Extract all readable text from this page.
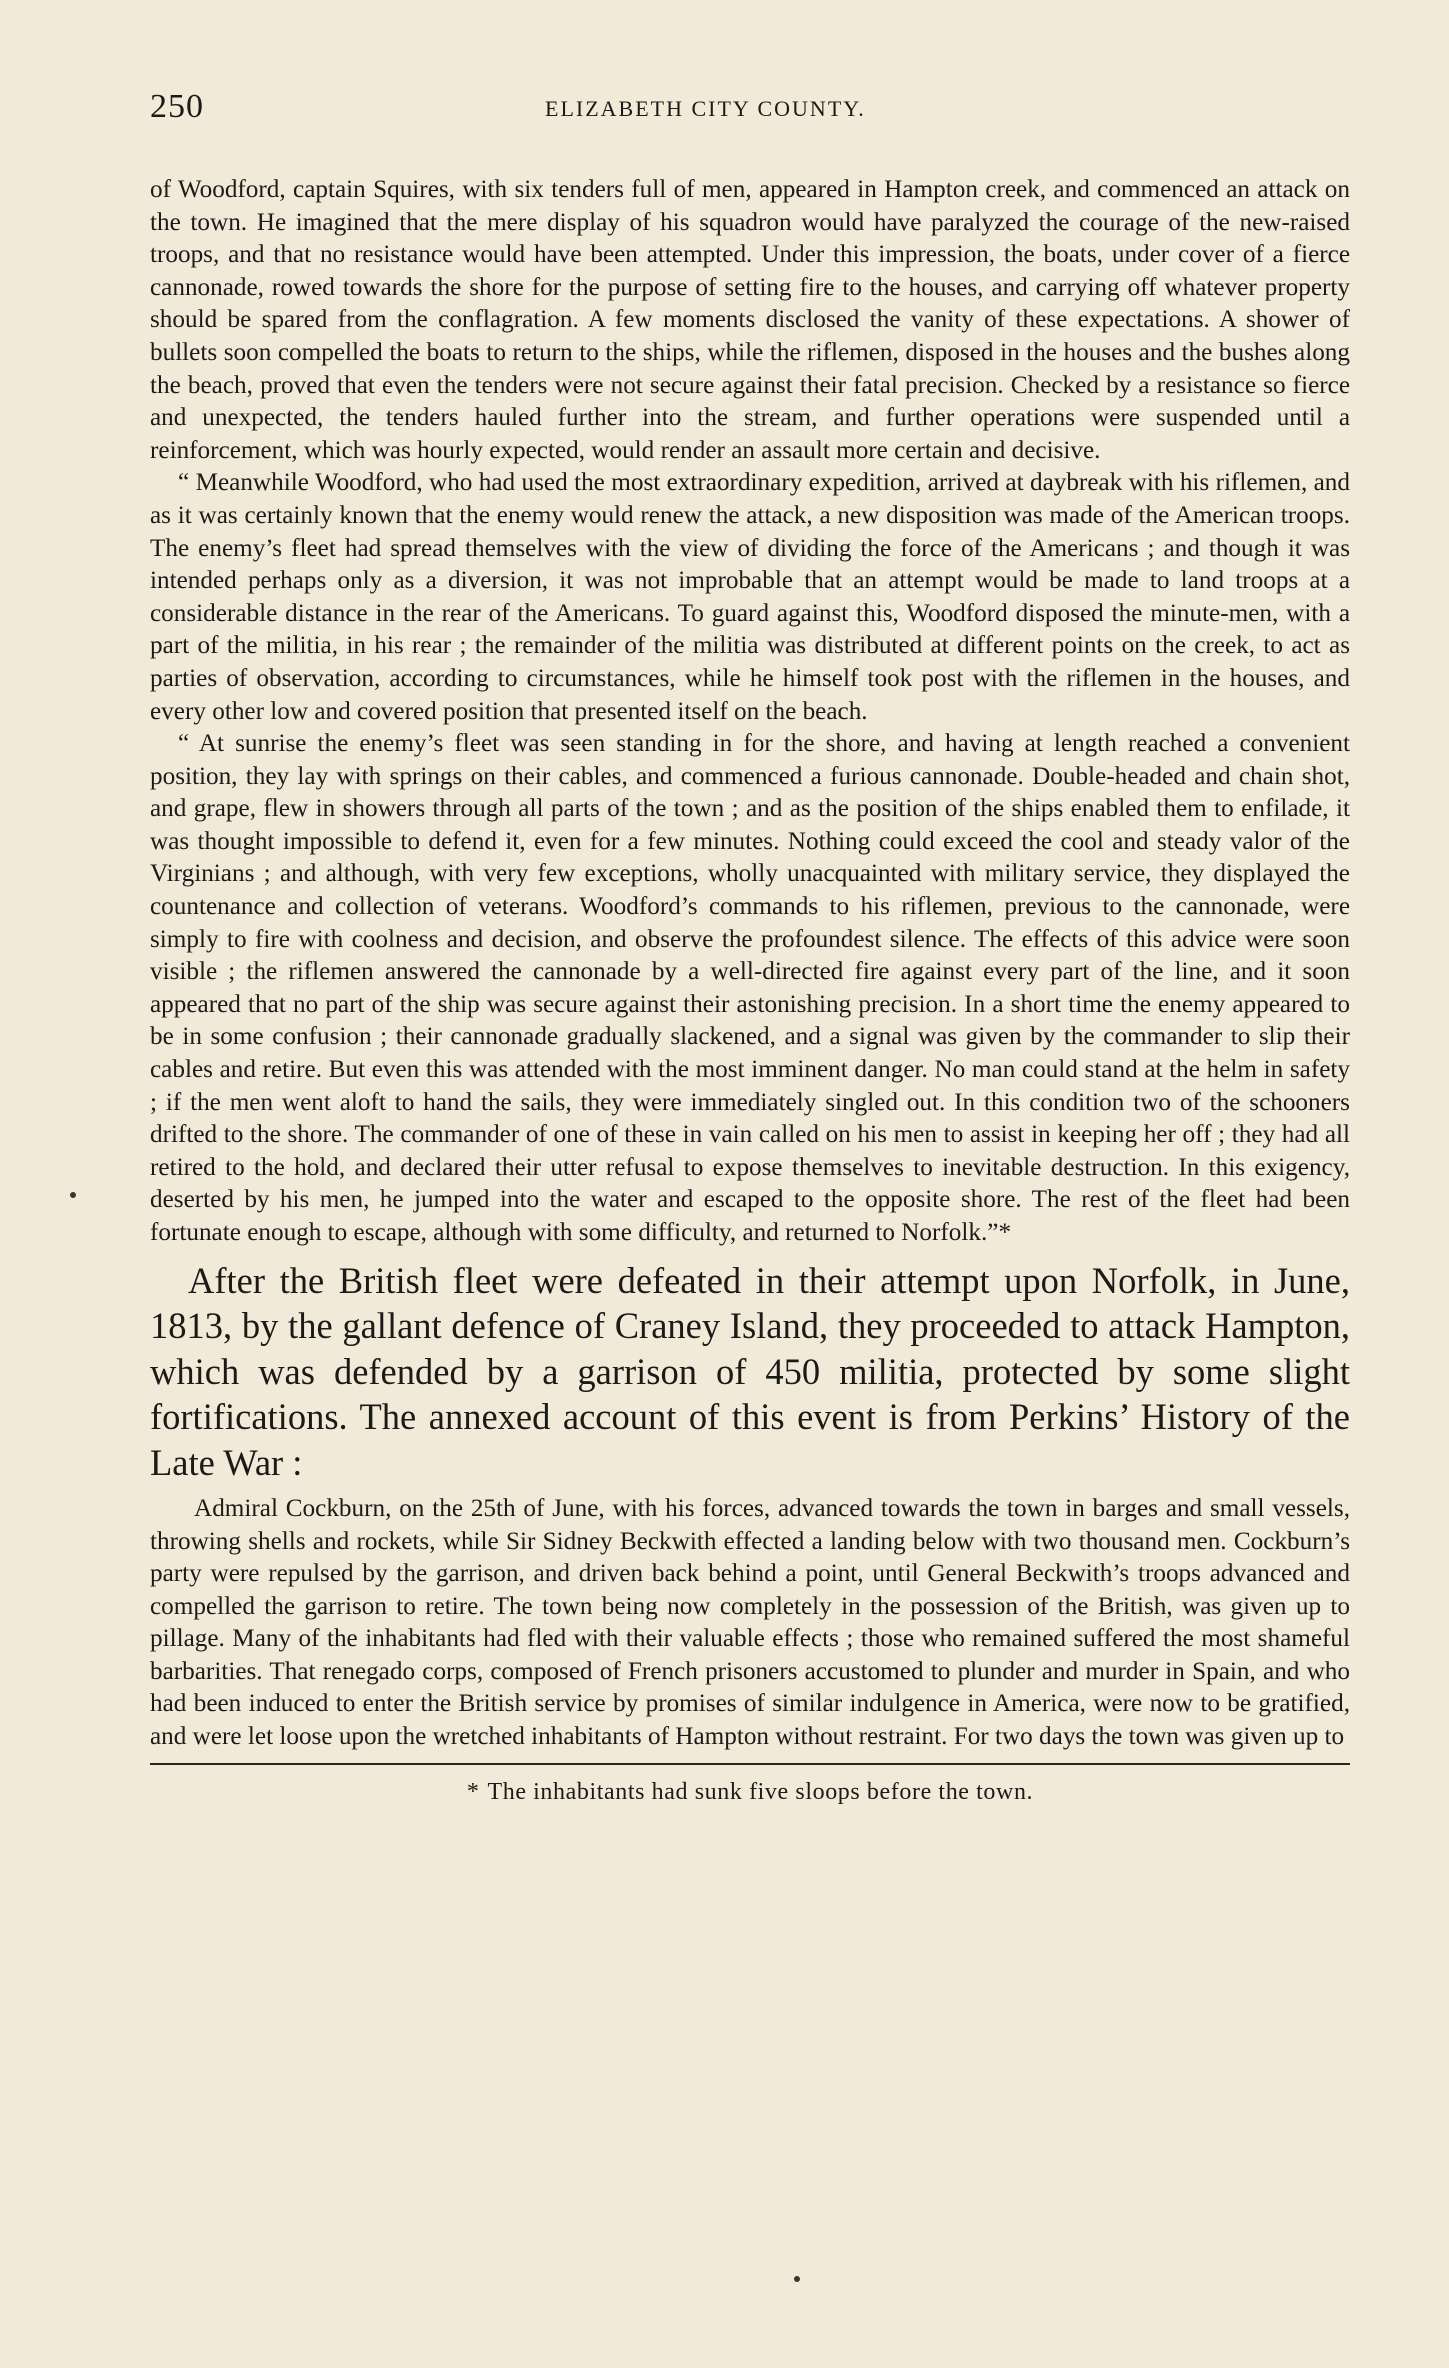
250	ELIZABETH CITY COUNTY.

of Woodford, captain Squires, with six tenders full of men, appeared in Hampton creek, and commenced an attack on the town. He imagined that the mere display of his squadron would have paralyzed the courage of the new-raised troops, and that no resistance would have been attempted. Under this impression, the boats, under cover of a fierce cannonade, rowed towards the shore for the purpose of setting fire to the houses, and carrying off whatever property should be spared from the conflagration. A few moments disclosed the vanity of these expectations. A shower of bullets soon compelled the boats to return to the ships, while the riflemen, disposed in the houses and the bushes along the beach, proved that even the tenders were not secure against their fatal precision. Checked by a resistance so fierce and unexpected, the tenders hauled further into the stream, and further operations were suspended until a reinforcement, which was hourly expected, would render an assault more certain and decisive.

“ Meanwhile Woodford, who had used the most extraordinary expedition, arrived at daybreak with his riflemen, and as it was certainly known that the enemy would renew the attack, a new disposition was made of the American troops. The enemy’s fleet had spread themselves with the view of dividing the force of the Americans ; and though it was intended perhaps only as a diversion, it was not improbable that an attempt would be made to land troops at a considerable distance in the rear of the Americans. To guard against this, Woodford disposed the minute-men, with a part of the militia, in his rear ; the remainder of the militia was distributed at different points on the creek, to act as parties of observation, according to circumstances, while he himself took post with the riflemen in the houses, and every other low and covered position that presented itself on the beach.

“ At sunrise the enemy’s fleet was seen standing in for the shore, and having at length reached a convenient position, they lay with springs on their cables, and commenced a furious cannonade. Double-headed and chain shot, and grape, flew in showers through all parts of the town ; and as the position of the ships enabled them to enfilade, it was thought impossible to defend it, even for a few minutes. Nothing could exceed the cool and steady valor of the Virginians ; and although, with very few exceptions, wholly unacquainted with military service, they displayed the countenance and collection of veterans. Woodford’s commands to his riflemen, previous to the cannonade, were simply to fire with coolness and decision, and observe the profoundest silence. The effects of this advice were soon visible ; the riflemen answered the cannonade by a well-directed fire against every part of the line, and it soon appeared that no part of the ship was secure against their astonishing precision. In a short time the enemy appeared to be in some confusion ; their cannonade gradually slackened, and a signal was given by the commander to slip their cables and retire. But even this was attended with the most imminent danger. No man could stand at the helm in safety ; if the men went aloft to hand the sails, they were immediately singled out. In this condition two of the schooners drifted to the shore. The commander of one of these in vain called on his men to assist in keeping her off ; they had all retired to the hold, and declared their utter refusal to expose themselves to inevitable destruction. In this exigency, deserted by his men, he jumped into the water and escaped to the opposite shore. The rest of the fleet had been fortunate enough to escape, although with some difficulty, and returned to Norfolk.”*

After the British fleet were defeated in their attempt upon Norfolk, in June, 1813, by the gallant defence of Craney Island, they proceeded to attack Hampton, which was defended by a garrison of 450 militia, protected by some slight fortifications. The annexed account of this event is from Perkins’ History of the Late War :

Admiral Cockburn, on the 25th of June, with his forces, advanced towards the town in barges and small vessels, throwing shells and rockets, while Sir Sidney Beckwith effected a landing below with two thousand men. Cockburn’s party were repulsed by the garrison, and driven back behind a point, until General Beckwith’s troops advanced and compelled the garrison to retire. The town being now completely in the possession of the British, was given up to pillage. Many of the inhabitants had fled with their valuable effects ; those who remained suffered the most shameful barbarities. That renegado corps, composed of French prisoners accustomed to plunder and murder in Spain, and who had been induced to enter the British service by promises of similar indulgence in America, were now to be gratified, and were let loose upon the wretched inhabitants of Hampton without restraint. For two days the town was given up to

* The inhabitants had sunk five sloops before the town.
